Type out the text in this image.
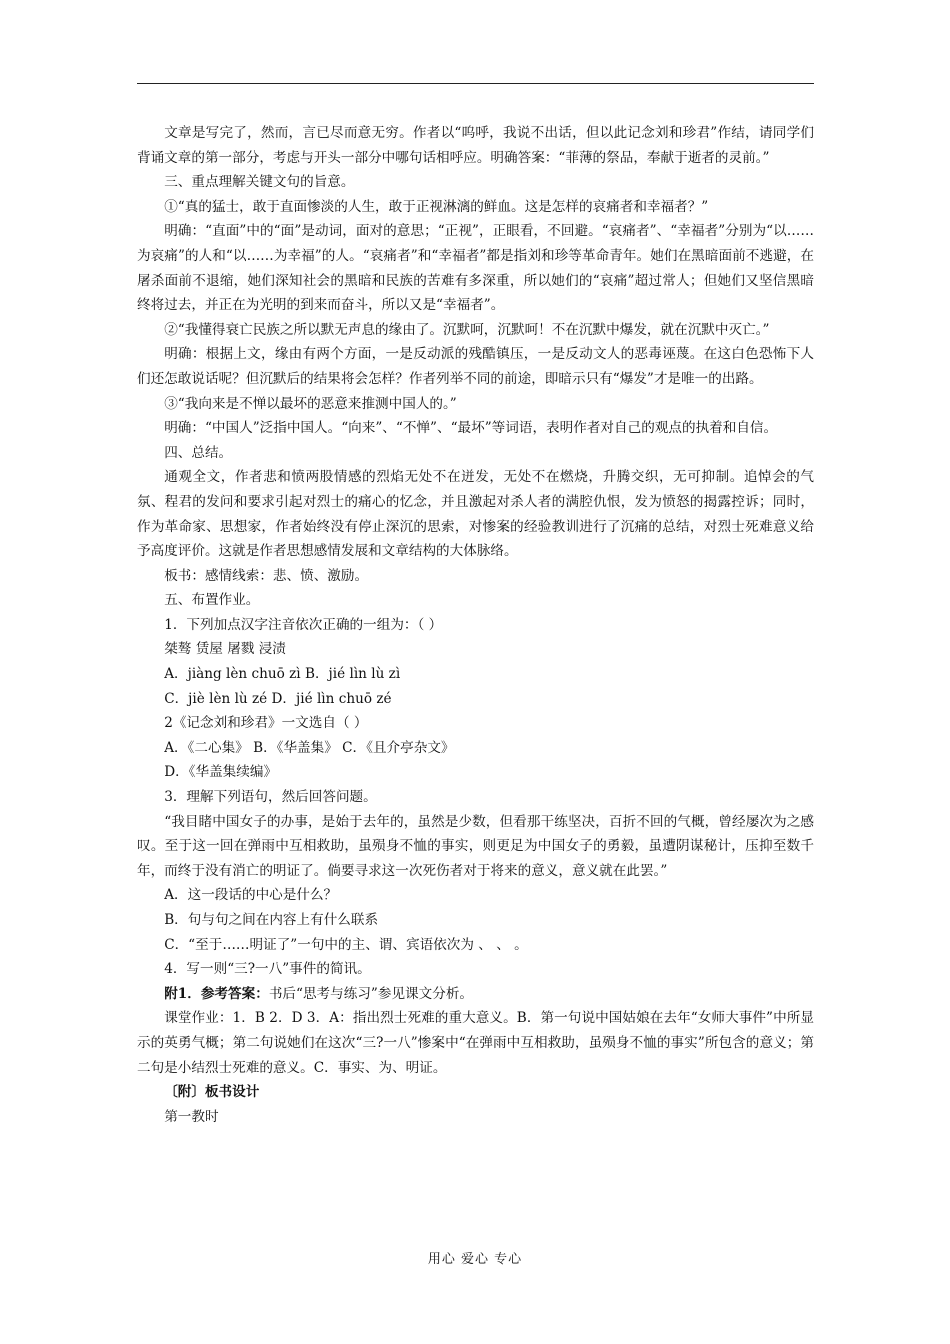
文章是写完了，然而，言已尽而意无穷。作者以“呜呼，我说不出话，但以此记念刘和珍君”作结，请同学们背诵文章的第一部分，考虑与开头一部分中哪句话相呼应。明确答案：“菲薄的祭品，奉献于逝者的灵前。”

三、重点理解关键文句的旨意。

①“真的猛士，敢于直面惨淡的人生，敢于正视淋漓的鲜血。这是怎样的哀痛者和幸福者？”

明确：“直面”中的“面”是动词，面对的意思；“正视”，正眼看，不回避。“哀痛者”、“幸福者”分别为“以……为哀痛”的人和“以……为幸福”的人。“哀痛者”和“幸福者”都是指刘和珍等革命青年。她们在黑暗面前不逃避，在屠杀面前不退缩，她们深知社会的黑暗和民族的苦难有多深重，所以她们的“哀痛”超过常人；但她们又坚信黑暗终将过去，并正在为光明的到来而奋斗，所以又是“幸福者”。

②“我懂得衰亡民族之所以默无声息的缘由了。沉默呵，沉默呵！不在沉默中爆发，就在沉默中灭亡。”

明确：根据上文，缘由有两个方面，一是反动派的残酷镇压，一是反动文人的恶毒诬蔑。在这白色恐怖下人们还怎敢说话呢？但沉默后的结果将会怎样？作者列举不同的前途，即暗示只有“爆发”才是唯一的出路。

③“我向来是不惮以最坏的恶意来推测中国人的。”

明确：“中国人”泛指中国人。“向来”、“不惮”、“最坏”等词语，表明作者对自己的观点的执着和自信。

四、总结。

通观全文，作者悲和愤两股情感的烈焰无处不在迸发，无处不在燃烧，升腾交织，无可抑制。追悼会的气氛、程君的发问和要求引起对烈士的痛心的忆念，并且激起对杀人者的满腔仇恨，发为愤怒的揭露控诉；同时，作为革命家、思想家，作者始终没有停止深沉的思索，对惨案的经验教训进行了沉痛的总结，对烈士死难意义给予高度评价。这就是作者思想感情发展和文章结构的大体脉络。

板书：感情线索：悲、愤、激励。

五、布置作业。

1．下列加点汉字注音依次正确的一组为：（ ）

桀骜 赁屋 屠戮 浸渍

A．jiàng lèn chuō zì B．jié lìn lù zì

C．jiè lèn lù zé D．jié lìn chuō zé

2《记念刘和珍君》一文选自（ ）

A．《二心集》 B．《华盖集》 C．《且介亭杂文》

D．《华盖集续编》

3．理解下列语句，然后回答问题。

“我目睹中国女子的办事，是始于去年的，虽然是少数，但看那干练坚决，百折不回的气概，曾经屡次为之感叹。至于这一回在弹雨中互相救助，虽殒身不恤的事实，则更足为中国女子的勇毅，虽遭阴谋秘计，压抑至数千年，而终于没有消亡的明证了。倘要寻求这一次死伤者对于将来的意义，意义就在此罢。”

A．这一段话的中心是什么？

B．句与句之间在内容上有什么联系

C．“至于……明证了”一句中的主、谓、宾语依次为 、 、 。

4．写一则“三?一八”事件的简讯。

附1．参考答案：书后“思考与练习”参见课文分析。

课堂作业：1．B 2．D 3．A：指出烈士死难的重大意义。B．第一句说中国姑娘在去年“女师大事件”中所显示的英勇气概；第二句说她们在这次“三?一八”惨案中“在弹雨中互相救助，虽殒身不恤的事实”所包含的意义；第二句是小结烈士死难的意义。C．事实、为、明证。

〔附〕板书设计

第一教时

用心 爱心 专心
